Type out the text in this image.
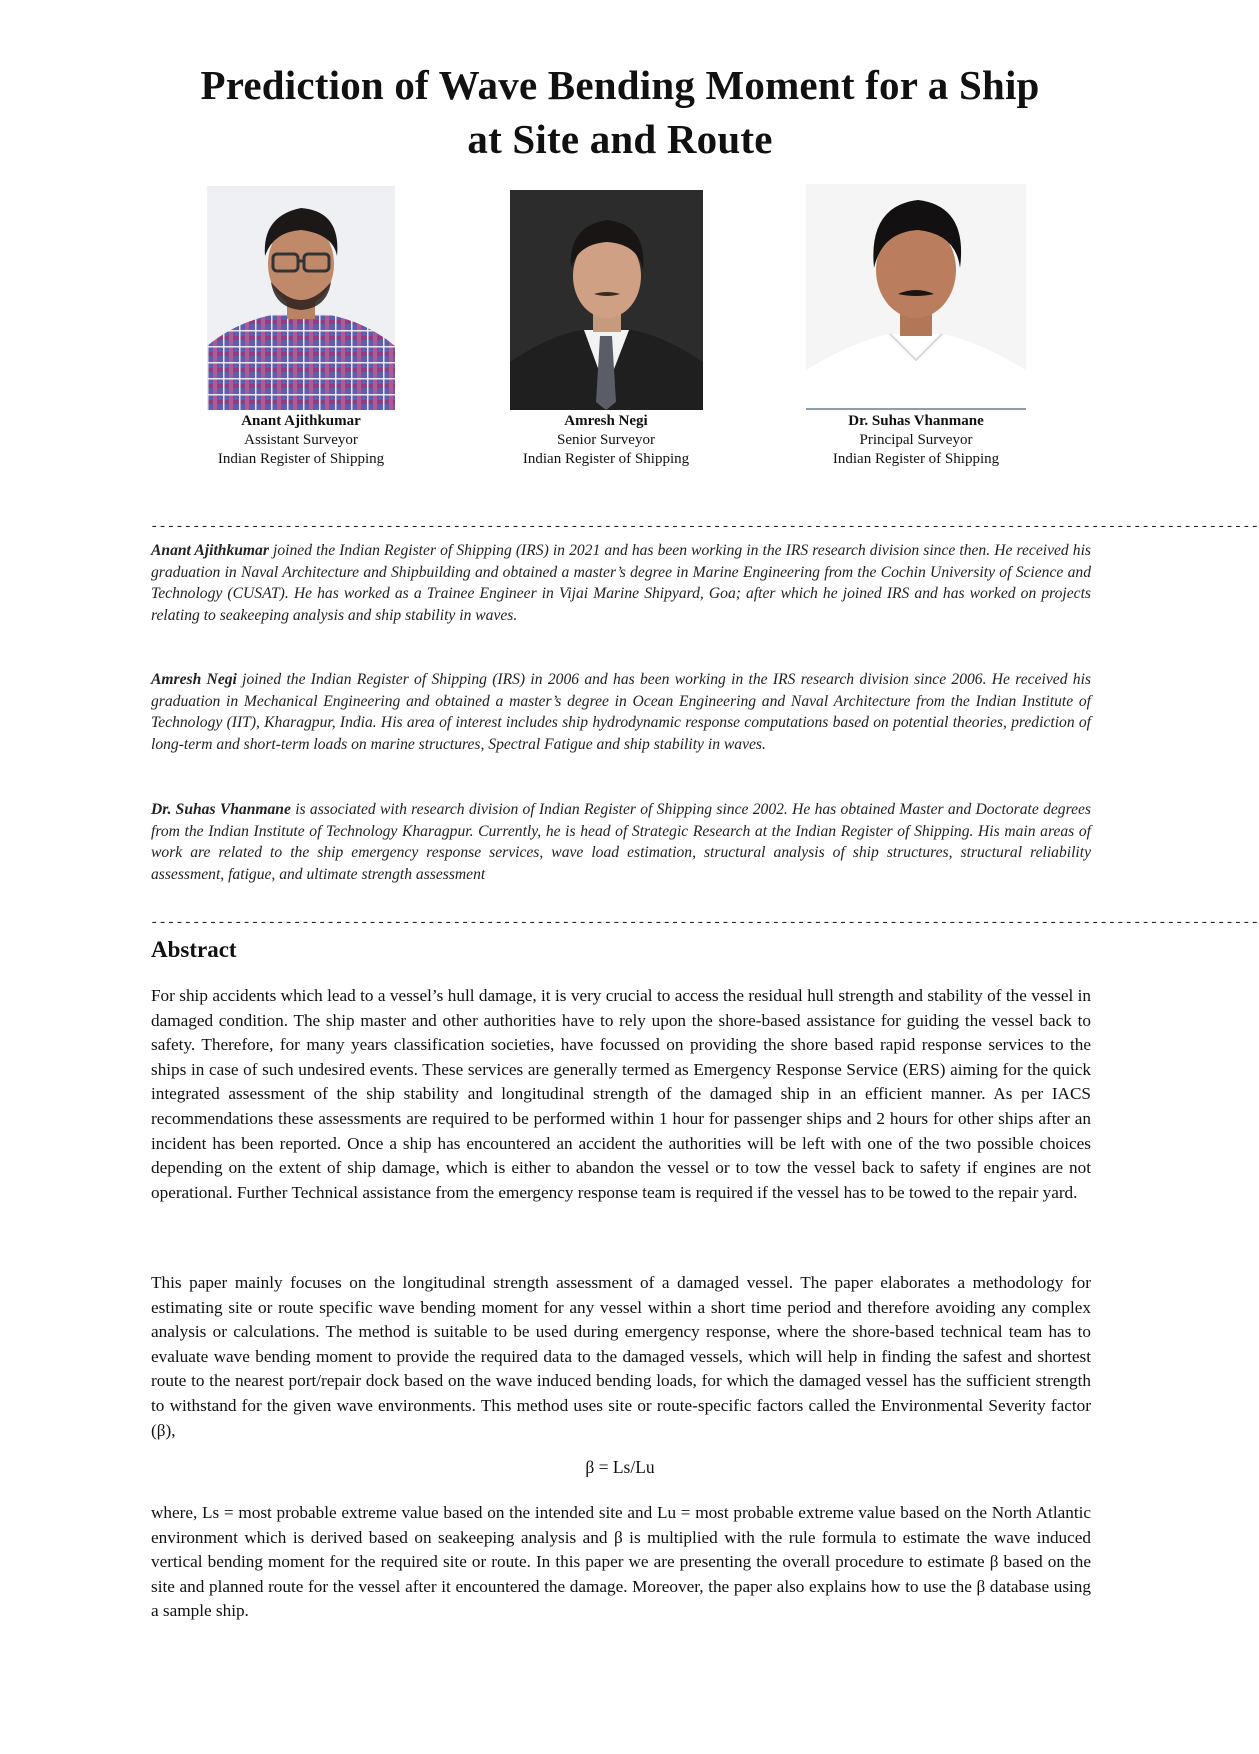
Prediction of Wave Bending Moment for a Ship
at Site and Route
Anant Ajithkumar
Assistant Surveyor
Indian Register of Shipping
Amresh Negi
Senior Surveyor
Indian Register of Shipping
Dr. Suhas Vhanmane
Principal Surveyor
Indian Register of Shipping
------------------------------------------------------------------------------------------------------------------------------------
Anant Ajithkumar joined the Indian Register of Shipping (IRS) in 2021 and has been working in the IRS research division since then. He received his graduation in Naval Architecture and Shipbuilding and obtained a master’s degree in Marine Engineering from the Cochin University of Science and Technology (CUSAT). He has worked as a Trainee Engineer in Vijai Marine Shipyard, Goa; after which he joined IRS and has worked on projects relating to seakeeping analysis and ship stability in waves.
Amresh Negi joined the Indian Register of Shipping (IRS) in 2006 and has been working in the IRS research division since 2006. He received his graduation in Mechanical Engineering and obtained a master’s degree in Ocean Engineering and Naval Architecture from the Indian Institute of Technology (IIT), Kharagpur, India. His area of interest includes ship hydrodynamic response computations based on potential theories, prediction of long-term and short-term loads on marine structures, Spectral Fatigue and ship stability in waves.
Dr. Suhas Vhanmane is associated with research division of Indian Register of Shipping since 2002. He has obtained Master and Doctorate degrees from the Indian Institute of Technology Kharagpur. Currently, he is head of Strategic Research at the Indian Register of Shipping. His main areas of work are related to the ship emergency response services, wave load estimation, structural analysis of ship structures, structural reliability assessment, fatigue, and ultimate strength assessment
------------------------------------------------------------------------------------------------------------------------------------
Abstract
For ship accidents which lead to a vessel’s hull damage, it is very crucial to access the residual hull strength and stability of the vessel in damaged condition. The ship master and other authorities have to rely upon the shore-based assistance for guiding the vessel back to safety. Therefore, for many years classification societies, have focussed on providing the shore based rapid response services to the ships in case of such undesired events. These services are generally termed as Emergency Response Service (ERS) aiming for the quick integrated assessment of the ship stability and longitudinal strength of the damaged ship in an efficient manner. As per IACS recommendations these assessments are required to be performed within 1 hour for passenger ships and 2 hours for other ships after an incident has been reported. Once a ship has encountered an accident the authorities will be left with one of the two possible choices depending on the extent of ship damage, which is either to abandon the vessel or to tow the vessel back to safety if engines are not operational. Further Technical assistance from the emergency response team is required if the vessel has to be towed to the repair yard.
This paper mainly focuses on the longitudinal strength assessment of a damaged vessel. The paper elaborates a methodology for estimating site or route specific wave bending moment for any vessel within a short time period and therefore avoiding any complex analysis or calculations. The method is suitable to be used during emergency response, where the shore-based technical team has to evaluate wave bending moment to provide the required data to the damaged vessels, which will help in finding the safest and shortest route to the nearest port/repair dock based on the wave induced bending loads, for which the damaged vessel has the sufficient strength to withstand for the given wave environments. This method uses site or route-specific factors called the Environmental Severity factor (β),
β = Ls/Lu
where, Ls = most probable extreme value based on the intended site and Lu = most probable extreme value based on the North Atlantic environment which is derived based on seakeeping analysis and β is multiplied with the rule formula to estimate the wave induced vertical bending moment for the required site or route. In this paper we are presenting the overall procedure to estimate β based on the site and planned route for the vessel after it encountered the damage. Moreover, the paper also explains how to use the β database using a sample ship.
